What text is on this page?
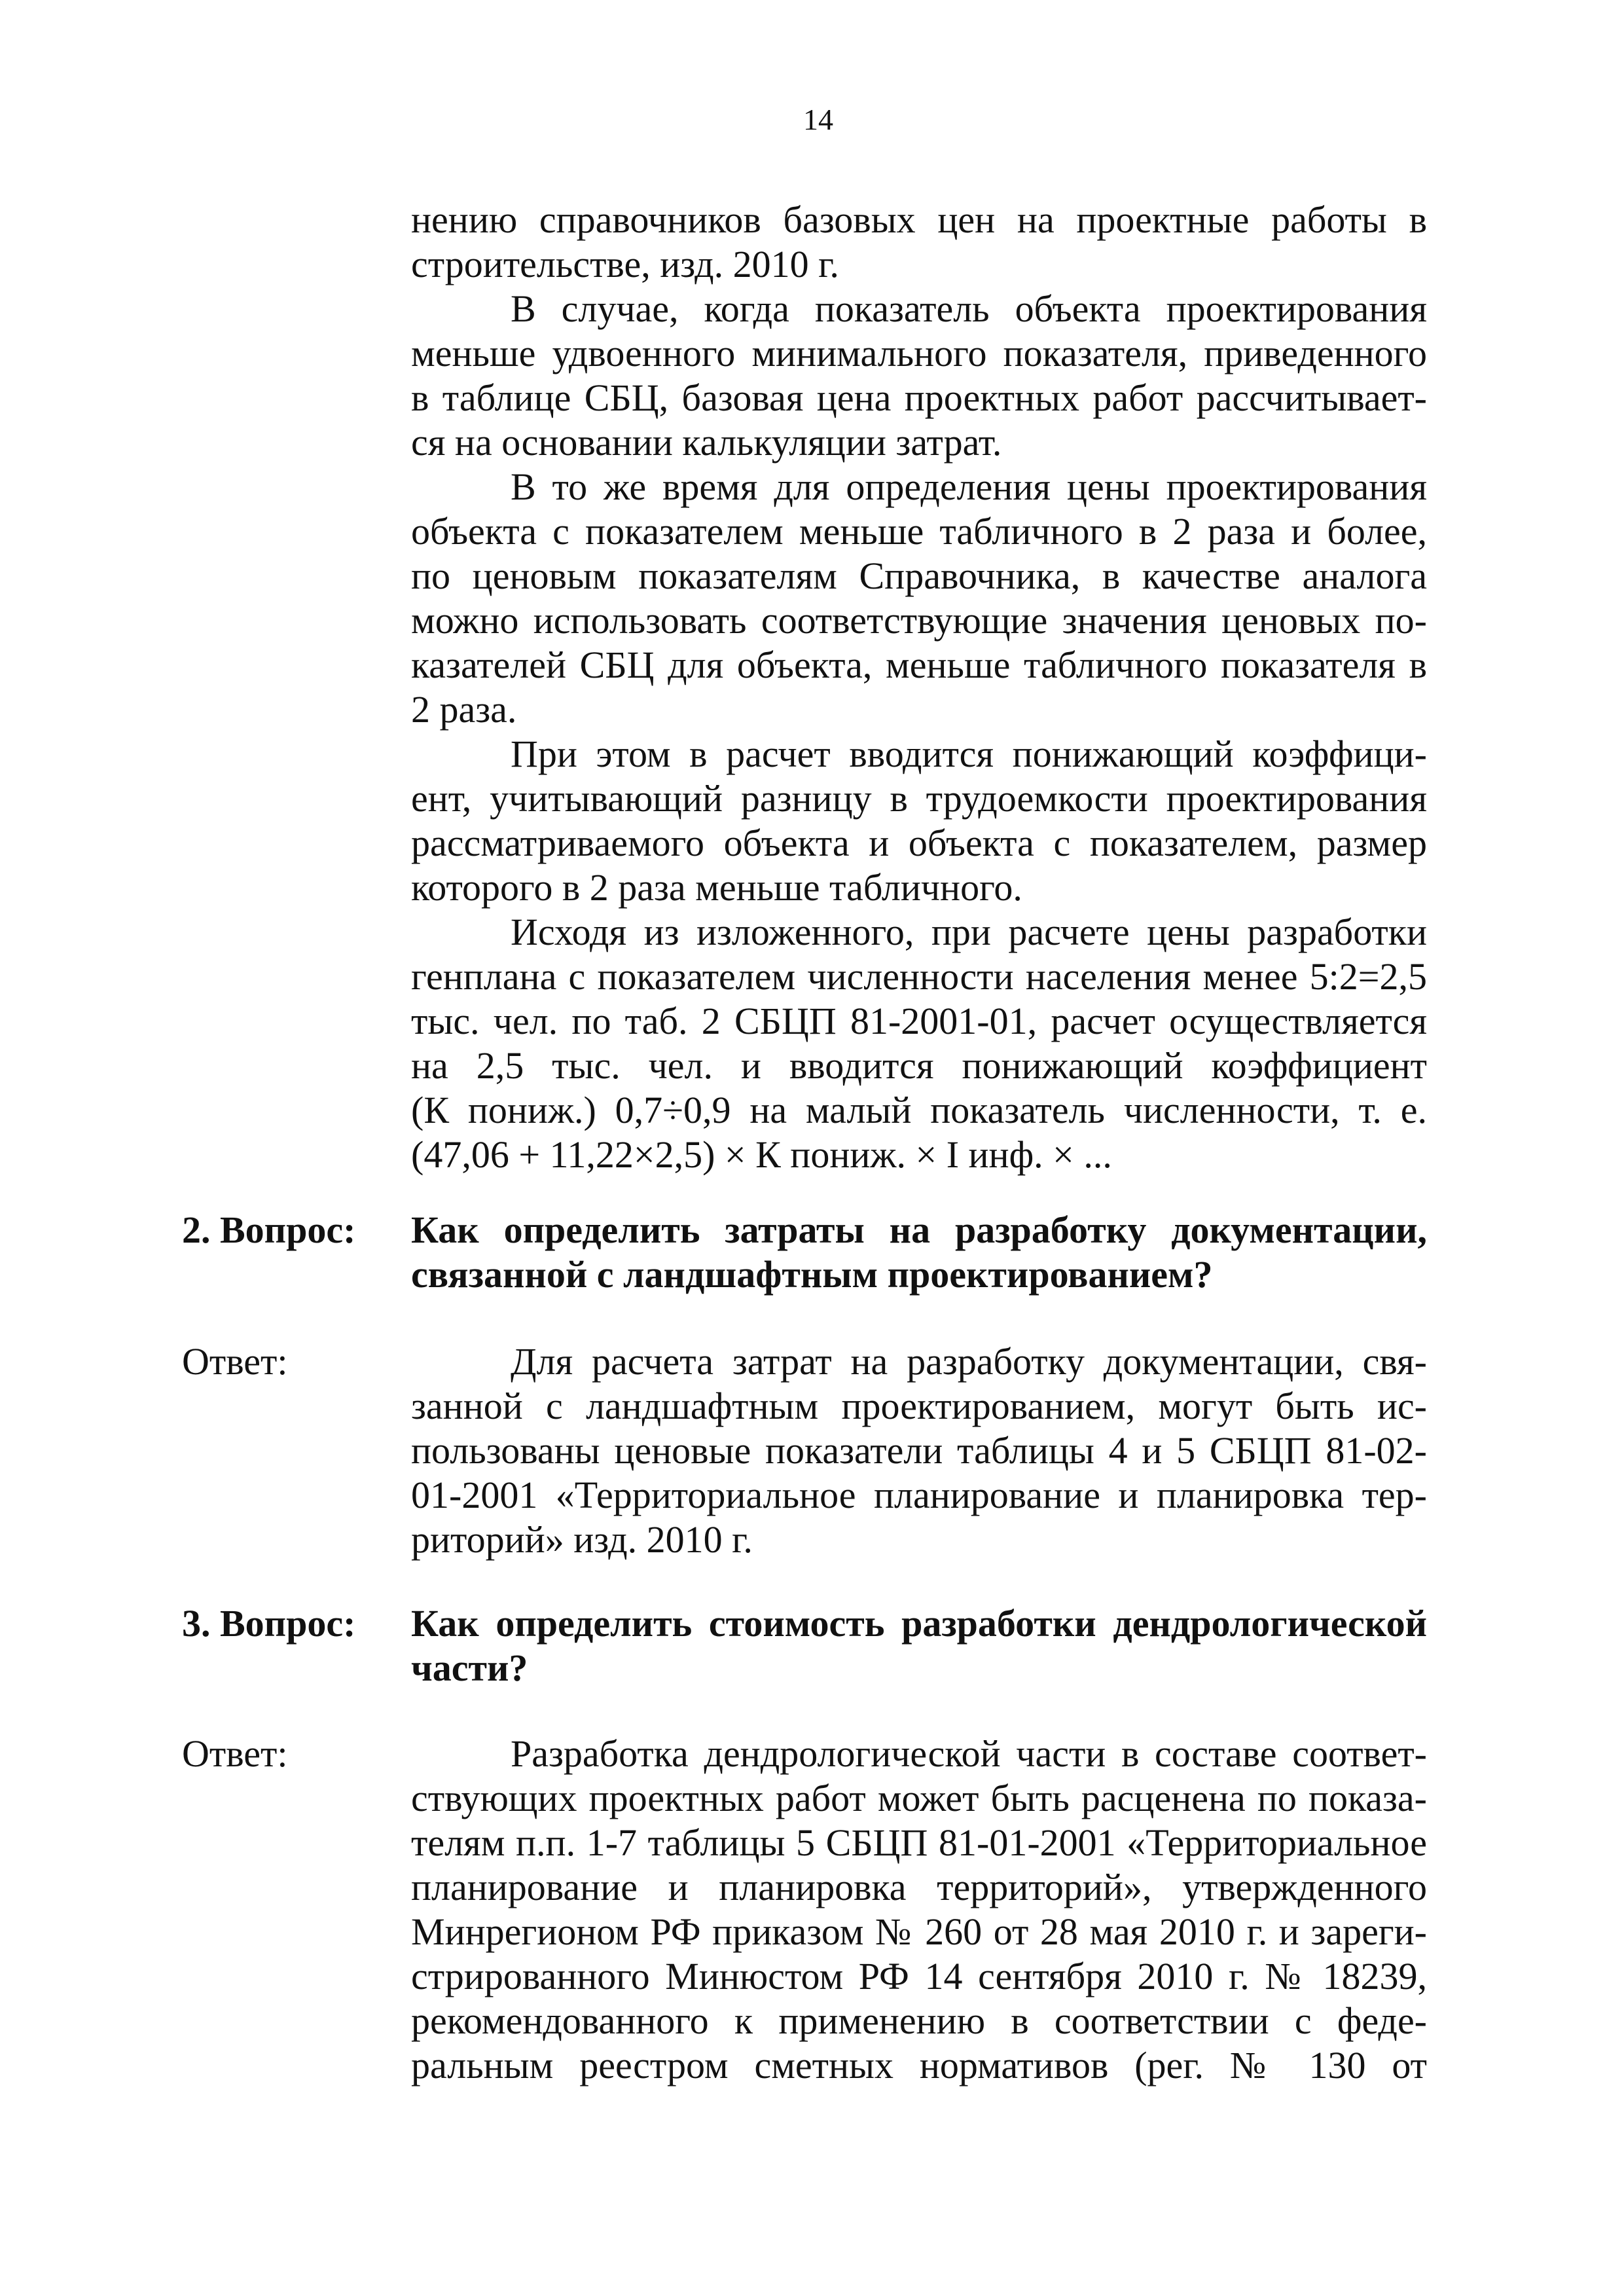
14
нению справочников базовых цен на проектные работы в
строительстве, изд. 2010 г.
В случае, когда показатель объекта проектирования
меньше удвоенного минимального показателя, приведенного
в таблице СБЦ, базовая цена проектных работ рассчитывает-
ся на основании калькуляции затрат.
В то же время для определения цены проектирования
объекта с показателем меньше табличного в 2 раза и более,
по ценовым показателям Справочника, в качестве аналога
можно использовать соответствующие значения ценовых по-
казателей СБЦ для объекта, меньше табличного показателя в
2 раза.
При этом в расчет вводится понижающий коэффици-
ент, учитывающий разницу в трудоемкости проектирования
рассматриваемого объекта и объекта с показателем, размер
которого в 2 раза меньше табличного.
Исходя из изложенного, при расчете цены разработки
генплана с показателем численности населения менее 5:2=2,5
тыс. чел. по таб. 2 СБЦП 81-2001-01, расчет осуществляется
на 2,5 тыс. чел. и вводится понижающий коэффициент
(К пониж.) 0,7÷0,9 на малый показатель численности, т. е.
(47,06 + 11,22×2,5) × К пониж. × I инф. × ...
2. Вопрос: Как определить затраты на разработку документации,
связанной с ландшафтным проектированием?
Ответ:	Для расчета затрат на разработку документации, свя-
занной с ландшафтным проектированием, могут быть ис-
пользованы ценовые показатели таблицы 4 и 5 СБЦП 81-02-
01-2001 «Территориальное планирование и планировка тер-
риторий» изд. 2010 г.
3. Вопрос: Как определить стоимость разработки дендрологической
части?
Ответ:	Разработка дендрологической части в составе соответ-
ствующих проектных работ может быть расценена по показа-
телям п.п. 1-7 таблицы 5 СБЦП 81-01-2001 «Территориальное
планирование и планировка территорий», утвержденного
Минрегионом РФ приказом № 260 от 28 мая 2010 г. и зареги-
стрированного Минюстом РФ 14 сентября 2010 г. № 18239,
рекомендованного к применению в соответствии с феде-
ральным реестром сметных нормативов (рег. № 130 от
